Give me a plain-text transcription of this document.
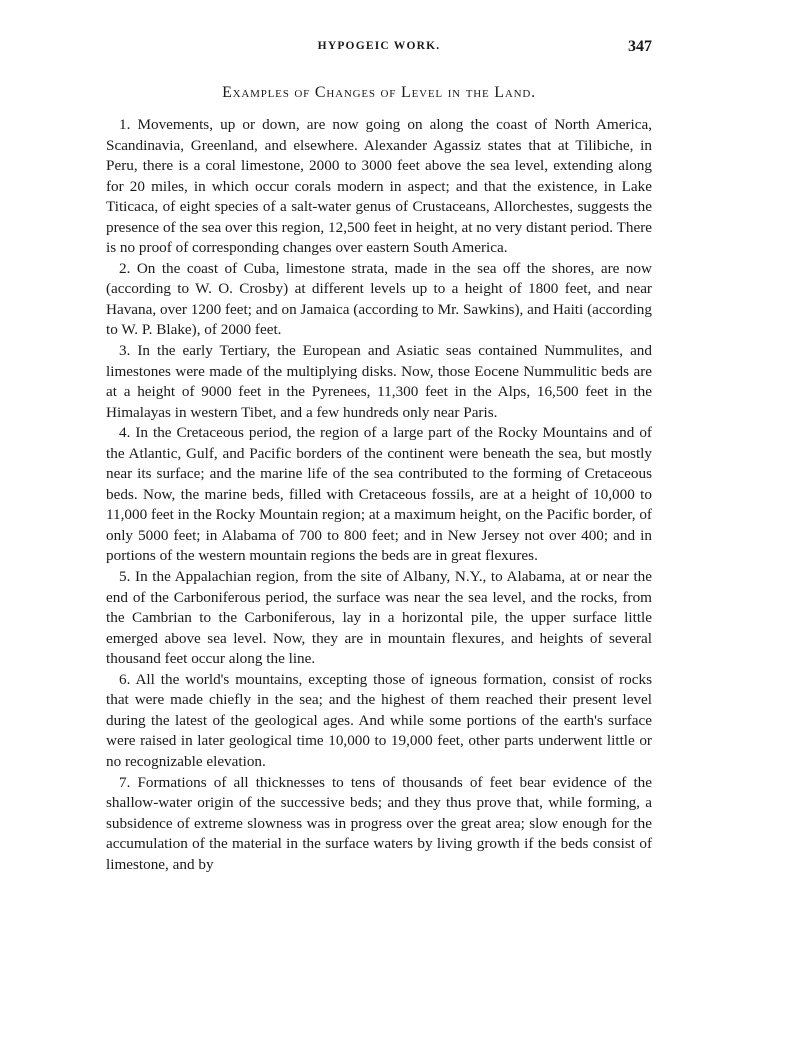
HYPOGEIC WORK.	347
Examples of Changes of Level in the Land.

1. Movements, up or down, are now going on along the coast of North America, Scandinavia, Greenland, and elsewhere. Alexander Agassiz states that at Tilibiche, in Peru, there is a coral limestone, 2000 to 3000 feet above the sea level, extending along for 20 miles, in which occur corals modern in aspect; and that the existence, in Lake Titicaca, of eight species of a salt-water genus of Crustaceans, Allorchestes, suggests the presence of the sea over this region, 12,500 feet in height, at no very distant period. There is no proof of corresponding changes over eastern South America.

2. On the coast of Cuba, limestone strata, made in the sea off the shores, are now (according to W. O. Crosby) at different levels up to a height of 1800 feet, and near Havana, over 1200 feet; and on Jamaica (according to Mr. Sawkins), and Haiti (according to W. P. Blake), of 2000 feet.

3. In the early Tertiary, the European and Asiatic seas contained Nummulites, and limestones were made of the multiplying disks. Now, those Eocene Nummulitic beds are at a height of 9000 feet in the Pyrenees, 11,300 feet in the Alps, 16,500 feet in the Himalayas in western Tibet, and a few hundreds only near Paris.

4. In the Cretaceous period, the region of a large part of the Rocky Mountains and of the Atlantic, Gulf, and Pacific borders of the continent were beneath the sea, but mostly near its surface; and the marine life of the sea contributed to the forming of Cretaceous beds. Now, the marine beds, filled with Cretaceous fossils, are at a height of 10,000 to 11,000 feet in the Rocky Mountain region; at a maximum height, on the Pacific border, of only 5000 feet; in Alabama of 700 to 800 feet; and in New Jersey not over 400; and in portions of the western mountain regions the beds are in great flexures.

5. In the Appalachian region, from the site of Albany, N.Y., to Alabama, at or near the end of the Carboniferous period, the surface was near the sea level, and the rocks, from the Cambrian to the Carboniferous, lay in a horizontal pile, the upper surface little emerged above sea level. Now, they are in mountain flexures, and heights of several thousand feet occur along the line.

6. All the world's mountains, excepting those of igneous formation, consist of rocks that were made chiefly in the sea; and the highest of them reached their present level during the latest of the geological ages. And while some portions of the earth's surface were raised in later geological time 10,000 to 19,000 feet, other parts underwent little or no recognizable elevation.

7. Formations of all thicknesses to tens of thousands of feet bear evidence of the shallow-water origin of the successive beds; and they thus prove that, while forming, a subsidence of extreme slowness was in progress over the great area; slow enough for the accumulation of the material in the surface waters by living growth if the beds consist of limestone, and by
